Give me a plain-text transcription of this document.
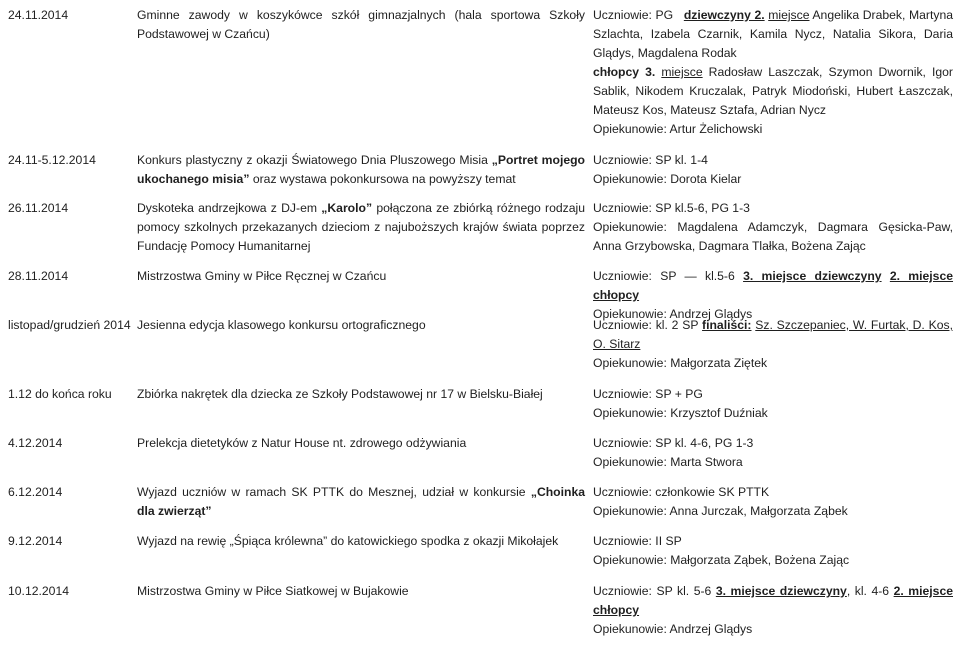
24.11.2014	Gminne zawody w koszykówce szkół gimnazjalnych (hala sportowa Szkoły Podstawowej w Czańcu)
Uczniowie: PG dziewczyny 2. miejsce Angelika Drabek, Martyna Szlachta, Izabela Czarnik, Kamila Nycz, Natalia Sikora, Daria Glądys, Magdalena Rodak
chłopcy 3. miejsce Radosław Laszczak, Szymon Dwornik, Igor Sablik, Nikodem Kruczalak, Patryk Miodoński, Hubert Łaszczak, Mateusz Kos, Mateusz Sztafa, Adrian Nycz
Opiekunowie: Artur Żelichowski
24.11-5.12.2014	Konkurs plastyczny z okazji Światowego Dnia Pluszowego Misia „Portret mojego ukochanego misia” oraz wystawa pokonkursowa na powyższy temat
Uczniowie: SP kl. 1-4
Opiekunowie: Dorota Kielar
26.11.2014	Dyskoteka andrzejkowa z DJ-em „Karolo” połączona ze zbiórką różnego rodzaju pomocy szkolnych przekazanych dzieciom z najuboższych krajów świata poprzez Fundację Pomocy Humanitarnej
Uczniowie: SP kl.5-6, PG 1-3
Opiekunowie: Magdalena Adamczyk, Dagmara Gęsicka-Paw, Anna Grzybowska, Dagmara Tlałka, Bożena Zając
28.11.2014	Mistrzostwa Gminy w Piłce Ręcznej w Czańcu	Uczniowie: SP — kl.5-6 3. miejsce dziewczyny 2. miejsce chłopcy
Opiekunowie: Andrzej Glądys
listopad/grudzień 2014 Jesienna edycja klasowego konkursu ortograficznego	Uczniowie: kl. 2 SP finaliści: Sz. Szczepaniec, W. Furtak, D. Kos, O. Sitarz
Opiekunowie: Małgorzata Ziętek
1.12 do końca roku	Zbiórka nakrętek dla dziecka ze Szkoły Podstawowej nr 17 w Bielsku-Białej	Uczniowie: SP + PG
Opiekunowie: Krzysztof Duźniak
4.12.2014	Prelekcja dietetyków z Natur House nt. zdrowego odżywiania	Uczniowie: SP kl. 4-6, PG 1-3
Opiekunowie: Marta Stwora
6.12.2014	Wyjazd uczniów w ramach SK PTTK do Mesznej, udział w konkursie „Choinka dla zwierząt”
Uczniowie: członkowie SK PTTK
Opiekunowie: Anna Jurczak, Małgorzata Ząbek
9.12.2014	Wyjazd na rewię „Śpiąca królewna” do katowickiego spodka z okazji Mikołajek	Uczniowie: II SP
Opiekunowie: Małgorzata Ząbek, Bożena Zając
10.12.2014	Mistrzostwa Gminy w Piłce Siatkowej w Bujakowie	Uczniowie: SP kl. 5-6 3. miejsce dziewczyny, kl. 4-6 2. miejsce chłopcy
Opiekunowie: Andrzej Glądys
